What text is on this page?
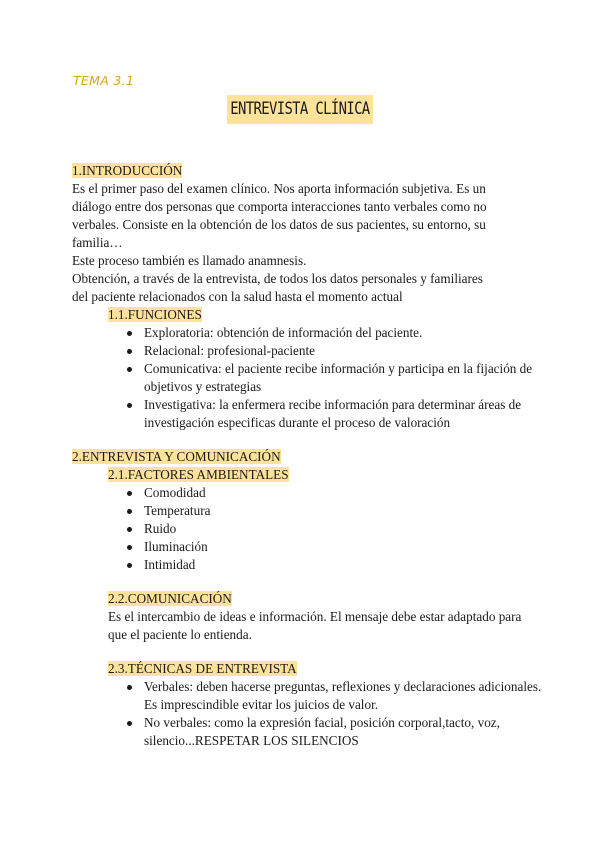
TEMA 3.1
ENTREVISTA CLÍNICA

1.INTRODUCCIÓN

Es el primer paso del examen clínico. Nos aporta información subjetiva. Es un

diálogo entre dos personas que comporta interacciones tanto verbales como no

verbales. Consiste en la obtención de los datos de sus pacientes, su entorno, su

familia…

Este proceso también es llamado anamnesis.

Obtención, a través de la entrevista, de todos los datos personales y familiares

del paciente relacionados con la salud hasta el momento actual

1.1.FUNCIONES

Exploratoria: obtención de información del paciente.
Relacional: profesional-paciente
Comunicativa: el paciente recibe información y participa en la fijación de objetivos y estrategias
Investigativa: la enfermera recibe información para determinar áreas de investigación especificas durante el proceso de valoración

2.ENTREVISTA Y COMUNICACIÓN

2.1.FACTORES AMBIENTALES

Comodidad
Temperatura
Ruido
Iluminación
Intimidad

2.2.COMUNICACIÓN

Es el intercambio de ideas e información. El mensaje debe estar adaptado para que el paciente lo entienda.

2.3.TÉCNICAS DE ENTREVISTA

Verbales: deben hacerse preguntas, reflexiones y declaraciones adicionales. Es imprescindible evitar los juicios de valor.
No verbales: como la expresión facial, posición corporal,tacto, voz, silencio...RESPETAR LOS SILENCIOS
